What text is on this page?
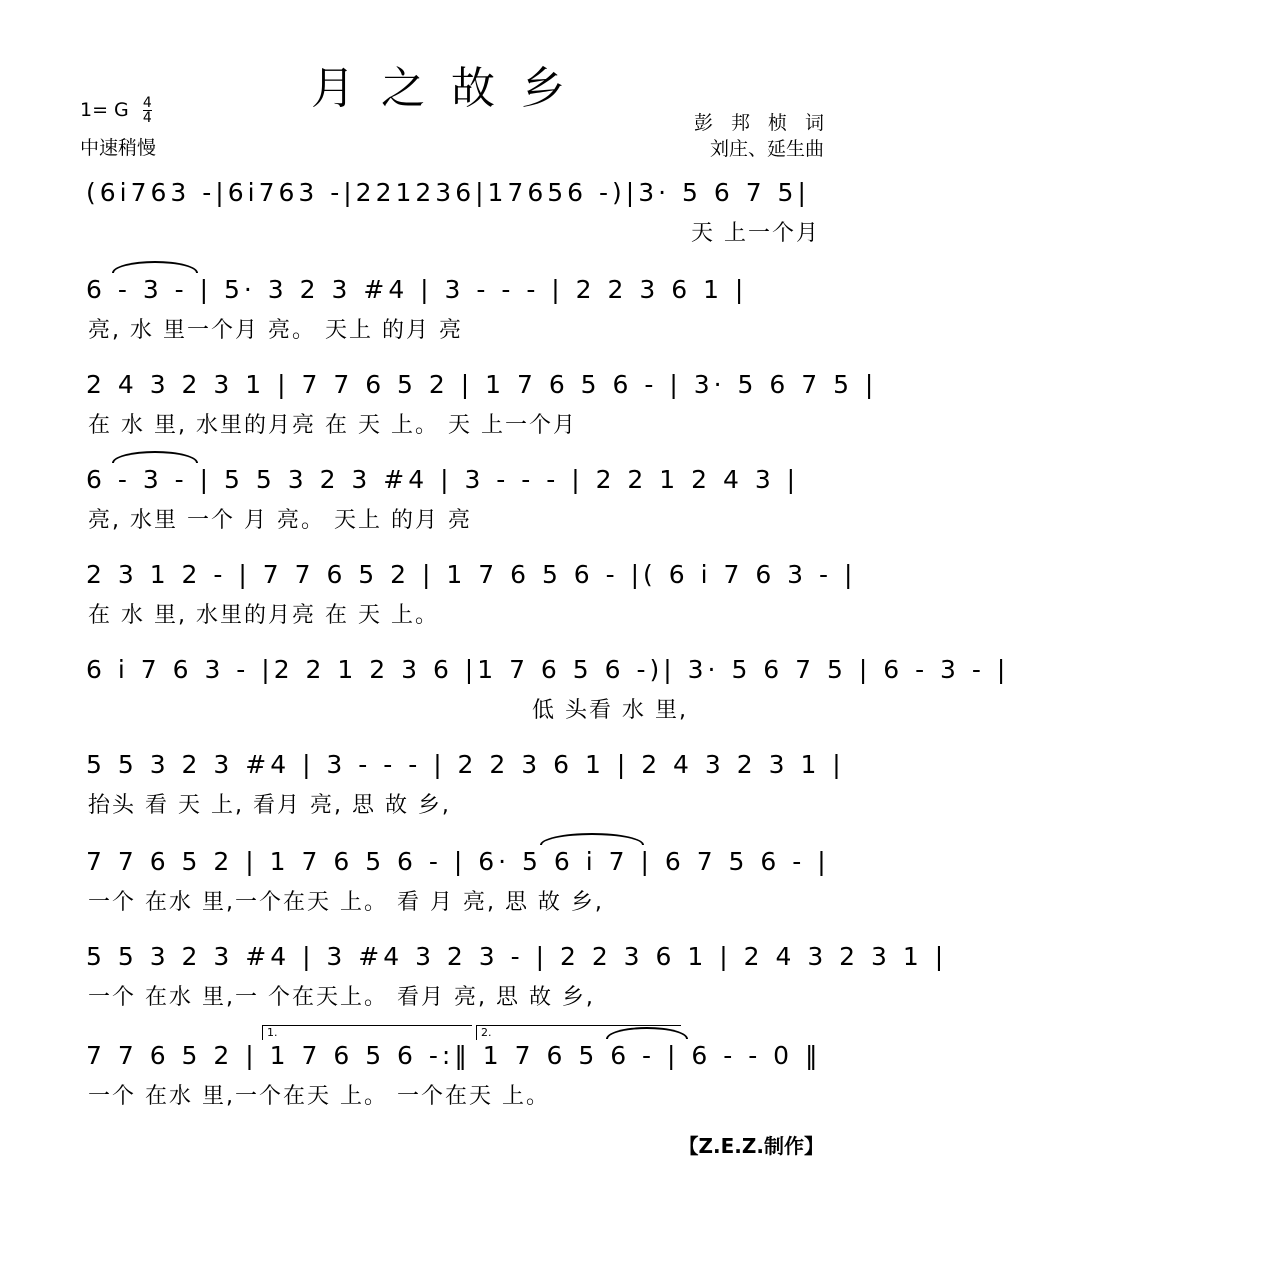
月之故乡
1= G $\frac{4}{4}$
中速稍慢
彭邦桢词
刘庄、延生曲
(6i763 -|6i763 -|221236|17656 -)|3· 5 6 7 5|
天 上一个月
6 - 3 - | 5· 3 2 3 #4 | 3 - - - | 2 2 3 6 1 |
亮, 水 里一个月 亮。 天上 的月 亮
2 4 3 2 3 1 | 7 7 6 5 2 | 1 7 6 5 6 - | 3· 5 6 7 5 |
在 水 里, 水里的月亮 在 天 上。 天 上一个月
6 - 3 - | 5 5 3 2 3 #4 | 3 - - - | 2 2 1 2 4 3 |
亮, 水里 一个 月 亮。 天上 的月 亮
2 3 1 2 - | 7 7 6 5 2 | 1 7 6 5 6 - |( 6 i 7 6 3 - |
在 水 里, 水里的月亮 在 天 上。
6 i 7 6 3 - |2 2 1 2 3 6 |1 7 6 5 6 -)| 3· 5 6 7 5 | 6 - 3 - |
低 头看 水 里,
5 5 3 2 3 #4 | 3 - - - | 2 2 3 6 1 | 2 4 3 2 3 1 |
抬头 看 天 上, 看月 亮, 思 故 乡,
7 7 6 5 2 | 1 7 6 5 6 - | 6· 5 6 i 7 | 6 7 5 6 - |
一个 在水 里,一个在天 上。 看 月 亮, 思 故 乡,
5 5 3 2 3 #4 | 3 #4 3 2 3 - | 2 2 3 6 1 | 2 4 3 2 3 1 |
一个 在水 里,一 个在天上。 看月 亮, 思 故 乡,
1.	2.
7 7 6 5 2 | 1 7 6 5 6 -:‖ 1 7 6 5 6 - | 6 - - 0 ‖
一个 在水 里,一个在天 上。 一个在天 上。
【Z.E.Z.制作】
